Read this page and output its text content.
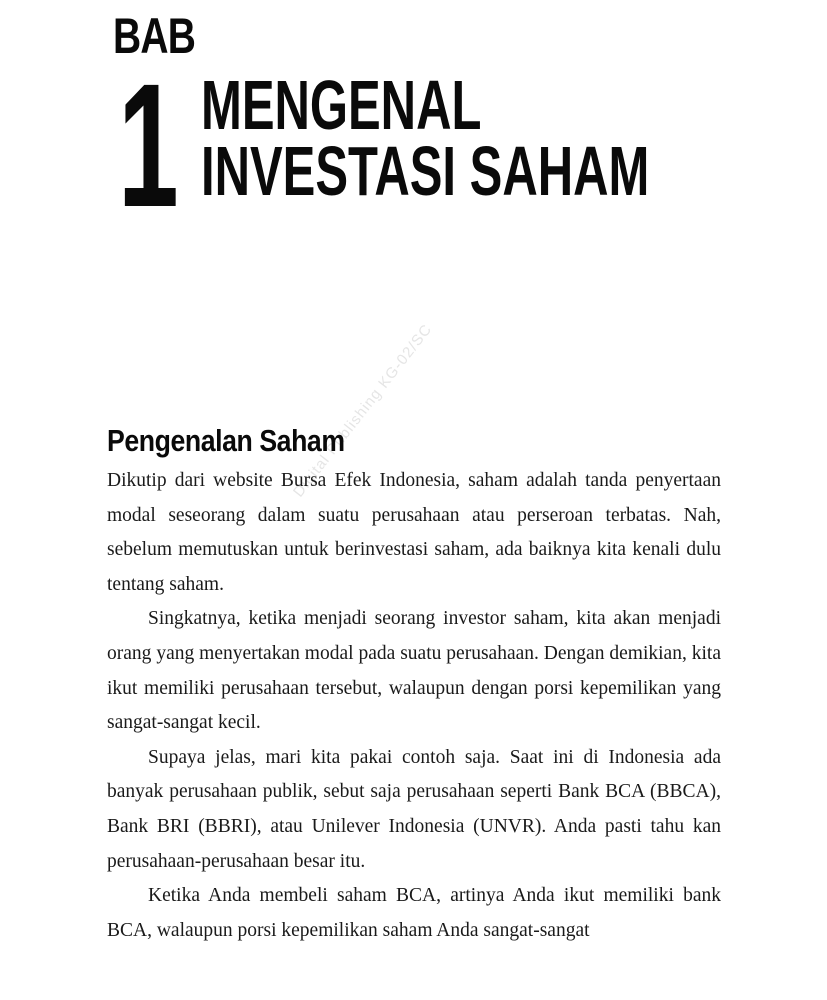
BAB
1 MENGENAL
INVESTASI SAHAM
Digital Publishing KG-02/SC
Pengenalan Saham

Dikutip dari website Bursa Efek Indonesia, saham adalah tanda penyertaan modal seseorang dalam suatu perusahaan atau perseroan terbatas. Nah, sebelum memutuskan untuk berinvestasi saham, ada baiknya kita kenali dulu tentang saham.

Singkatnya, ketika menjadi seorang investor saham, kita akan menjadi orang yang menyertakan modal pada suatu perusahaan. Dengan demikian, kita ikut memiliki perusahaan tersebut, walaupun dengan porsi kepemilikan yang sangat-sangat kecil.

Supaya jelas, mari kita pakai contoh saja. Saat ini di Indonesia ada banyak perusahaan publik, sebut saja perusahaan seperti Bank BCA (BBCA), Bank BRI (BBRI), atau Unilever Indonesia (UNVR). Anda pasti tahu kan perusahaan-perusahaan besar itu.

Ketika Anda membeli saham BCA, artinya Anda ikut memiliki bank BCA, walaupun porsi kepemilikan saham Anda sangat-sangat
